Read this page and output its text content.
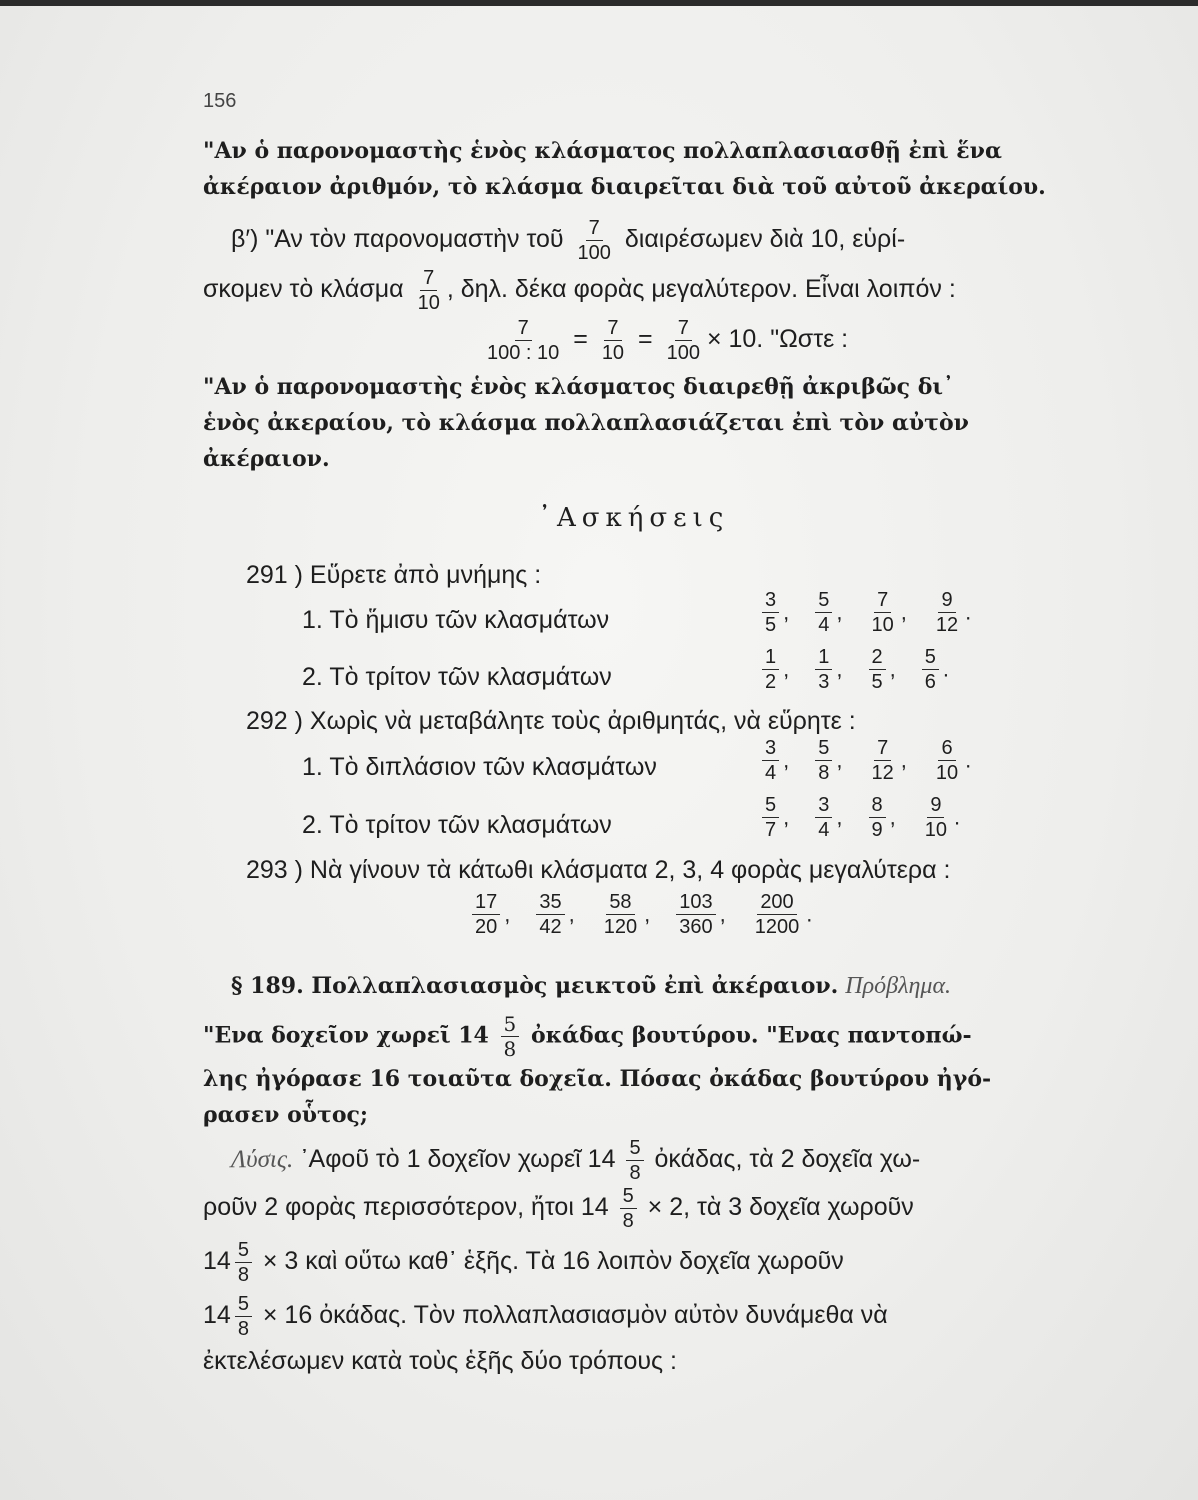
156
"Αν ὁ παρονομαστὴς ἑνὸς κλάσματος πολλαπλασιασθῇ ἐπὶ ἕνα
ἀκέραιον ἀριθμόν, τὸ κλάσμα διαιρεῖται διὰ τοῦ αὐτοῦ ἀκεραίου.
β′) "Αν τὸν παρονομαστὴν τοῦ $\frac{7}{100}$ διαιρέσωμεν διὰ 10, εὑρί-
σκομεν τὸ κλάσμα $\frac{7}{10}$ , δηλ. δέκα φορὰς μεγαλύτερον. Εἶναι λοιπόν :
$\frac{7}{100 : 10} = \frac{7}{10} = \frac{7}{100} \times 10$. "Ωστε :
"Αν ὁ παρονομαστὴς ἑνὸς κλάσματος διαιρεθῇ ἀκριβῶς δι᾿
ἑνὸς ἀκεραίου, τὸ κλάσμα πολλαπλασιάζεται ἐπὶ τὸν αὐτὸν
ἀκέραιον.
᾿Ασκήσεις
291 ) Εὕρετε ἀπὸ μνήμης :
1. Τὸ ἥμισυ τῶν κλασμάτων	$\frac{3}{5}$ , $\frac{5}{4}$ , $\frac{7}{10}$ , $\frac{9}{12}$ .
2. Τὸ τρίτον τῶν κλασμάτων	$\frac{1}{2}$ , $\frac{1}{3}$ , $\frac{2}{5}$ , $\frac{5}{6}$ .
292 ) Χωρὶς νὰ μεταβάλητε τοὺς ἀριθμητάς, νὰ εὕρητε :
1. Τὸ διπλάσιον τῶν κλασμάτων	$\frac{3}{4}$ , $\frac{5}{8}$ , $\frac{7}{12}$ , $\frac{6}{10}$ .
2. Τὸ τρίτον τῶν κλασμάτων	$\frac{5}{7}$ , $\frac{3}{4}$ , $\frac{8}{9}$ , $\frac{9}{10}$ .
293 ) Νὰ γίνουν τὰ κάτωθι κλάσματα 2, 3, 4 φορὰς μεγαλύτερα :
$\frac{17}{20}$ , $\frac{35}{42}$ , $\frac{58}{120}$ , $\frac{103}{360}$ , $\frac{200}{1200}$ .
§ 189. Πολλαπλασιασμὸς μεικτοῦ ἐπὶ ἀκέραιον. Πρόβλημα.
"Ενα δοχεῖον χωρεῖ $14 \frac{5}{8}$ ὀκάδας βουτύρου. "Ενας παντοπώ-
λης ἠγόρασε 16 τοιαῦτα δοχεῖα. Πόσας ὀκάδας βουτύρου ἠγό-
ρασεν οὗτος;
Λύσις. ᾿Αφοῦ τὸ 1 δοχεῖον χωρεῖ $14 \frac{5}{8}$ ὀκάδας, τὰ 2 δοχεῖα χω-
ροῦν 2 φορὰς περισσότερον, ἤτοι $14 \frac{5}{8} \times 2$, τὰ 3 δοχεῖα χωροῦν
$14 \frac{5}{8} \times 3$ καὶ οὕτω καθ᾿ ἑξῆς. Τὰ 16 λοιπὸν δοχεῖα χωροῦν
$14 \frac{5}{8} \times 16$ ὀκάδας. Τὸν πολλαπλασιασμὸν αὐτὸν δυνάμεθα νὰ
ἐκτελέσωμεν κατὰ τοὺς ἑξῆς δύο τρόπους :
